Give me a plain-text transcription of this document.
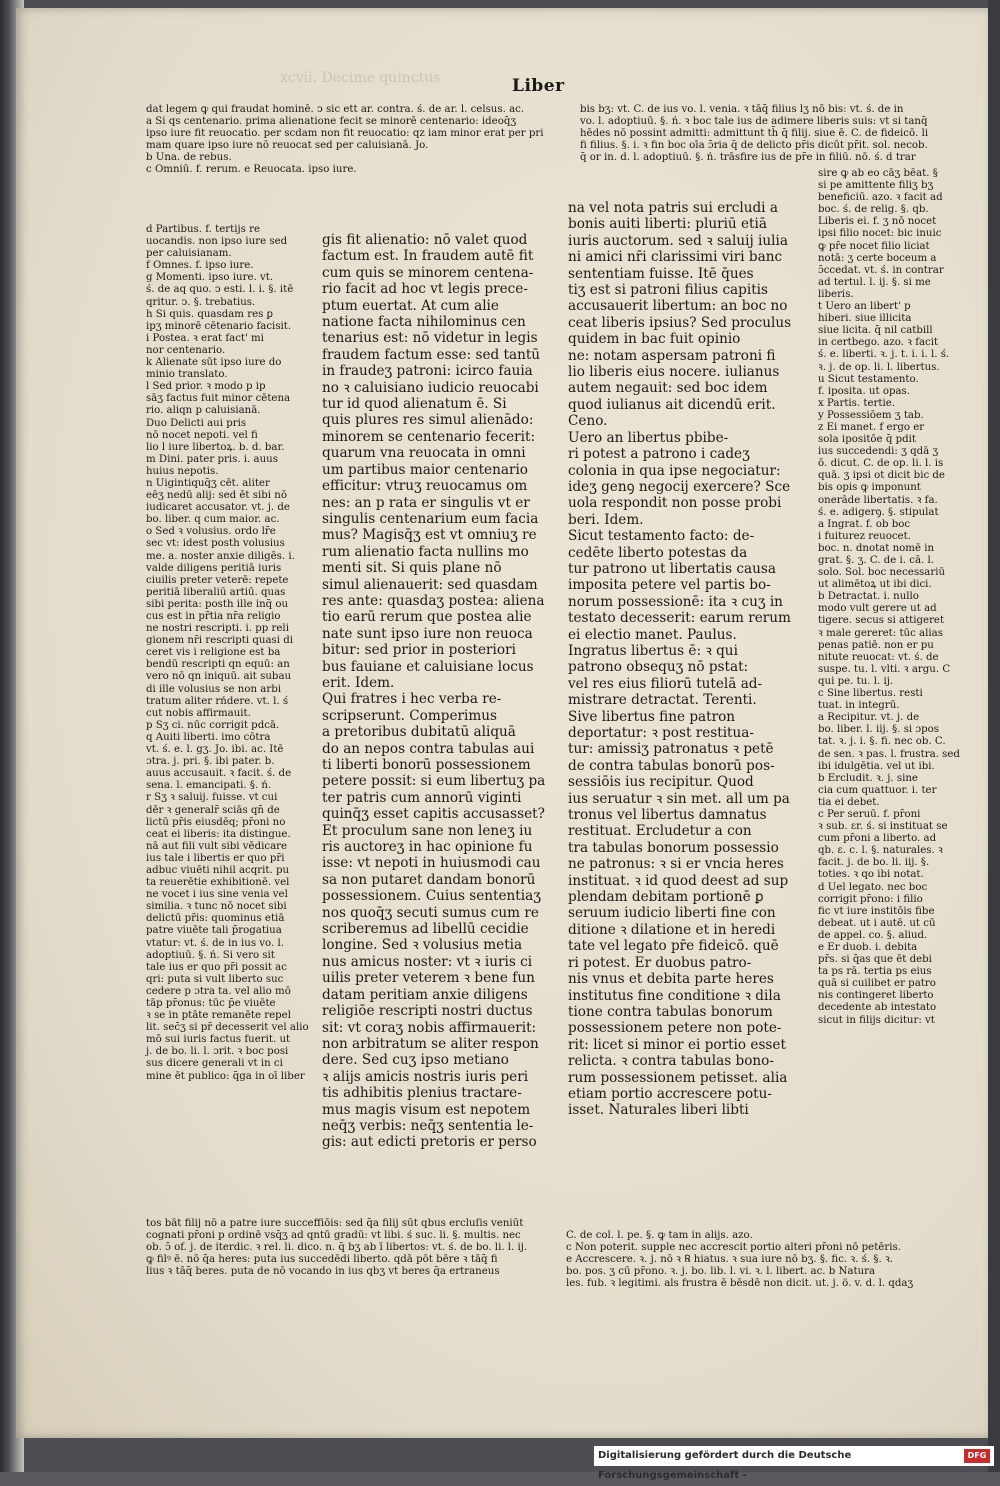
xcvii. Decime quinctus	Liber
dat legem ꝙ qui fraudat hominē. ↄ sic ett ar. contra. ś. de ar. l. celsus. ac.
a Si qs centenario. prima alienatione fecit se minorē centenario: ideoq̄ʒ
ipso iure fit reuocatio. per scdam non fit reuocatio: qz iam minor erat per pri
mam quare ipso iure nō reuocat sed per caluisianā. Jo.
b Una. de rebus.
c Omniū. f. rerum. e Reuocata. ipso iure.
d Partibus. f. tertijs re
uocandis. non ipso iure sed
per caluisianam.
f Omnes. f. ipso iure.
g Momenti. ipso iure. vt.
ś. de aq quo. ↄ esti. l. i. §. itē
qritur. ↄ. §. trebatius.
h Si quis. quasdam res ꝑ
ipʒ minorē cētenario facisit.
i Postea. ꝛ erat fact' mi
nor centenario.
k Alienate sūt ipso iure do
minio translato.
l Sed prior. ꝛ modo p ip
sāʒ factus fuit minor cētena
rio. aliqn p caluisianā.
Duo Delicti aui pris
nō nocet nepoti. vel fi
lio l iure libertoꝝ. b. d. bar.
m Dini. pater pris. i. auus
huius nepotis.
n Uigintiquq̄ʒ cēt. aliter
eēʒ nedū alij: sed ēt sibi nō
iudicaret accusator. vt. j. de
bo. liber. q cum maior. ac.
o Sed ꝛ volusius. ordo lr̄e
sec vt: idest posth volusius
me. a. noster anxie diligēs. i.
valde diligens peritiā iuris
ciuilis preter veterē: repete
peritiā liberaliū artiū. quas
sibi perita: posth ille inq̄ ou
cus est in pr̄tia nr̄a religio
ne nostri rescripti. i. pp reli
gionem nr̄i rescripti quasi di
ceret vis i religione est ba
bendū rescripti qn equū: an
vero nō qn iniquū. ait subau
di ille volusius se non arbi
tratum aliter rńdere. vt. l. ś
cut nobis affirmauit.
p Sʒ ci. nūc corrigit pdcā.
q Auiti liberti. imo cōtra
vt. ś. e. l. gʒ. Jo. ibi. ac. Itē
ɔtra. j. pri. §. ibi pater. b.
auus accusauit. ꝛ facit. ś. de
sena. l. emancipati. §. ń.
r Sʒ ꝛ saluij. fuisse. vt cui
dēr ꝛ generalr̄ sciās qn̄ de
lictū pr̄is eiusdēq; pr̄oni no
ceat ei liberis: ita distingue.
nā aut fili vult sibi vēdicare
ius tale i libertis er quo pr̄i
adbuc viuēti nihil acqrit. pu
ta reuerētie exhibitionē. vel
ne vocet i ius sine venia vel
similia. ꝛ tunc nō nocet sibi
delictū pr̄is: quominus etiā
patre viuēte tali p̄rogatiua
vtatur: vt. ś. de in ius vo. l.
adoptiuū. §. ń. Si vero sit
tale ius er quo pr̄i possit ac
qri: puta si vult liberto suc
cedere p ɔtra ta. vel alio mō
tāp pr̄onus: tūc p̄e viuēte
ꝛ se in ptāte remanēte repel
lit. sec̄ʒ si pr̄ decesserit vel alio
mō sui iuris factus fuerit. ut
j. de bo. li. l. ɔrit. ꝛ boc posi
sus dicere generali vt in ci
mine ēt publico: q̄ga in oī liber
gis fit alienatio: nō valet quod
factum est. In fraudem autē fit
cum quis se minorem centena-
rio facit ad hoc vt legis prece-
ptum euertat. At cum alie
natione facta nihilominus cen
tenarius est: nō videtur in legis
fraudem factum esse: sed tantū
in fraudeʒ patroni: icirco fauia
no ꝛ caluisiano iudicio reuocabi
tur id quod alienatum ē. Si
quis plures res simul alienādo:
minorem se centenario fecerit:
quarum vna reuocata in omni
um partibus maior centenario
efficitur: vtruʒ reuocamus om
nes: an p rata er singulis vt er
singulis centenarium eum facia
mus? Magisq̄ʒ est vt omniuʒ re
rum alienatio facta nullins mo
menti sit. Si quis plane nō
simul alienauerit: sed quasdam
res ante: quasdaʒ postea: aliena
tio earū rerum que postea alie
nate sunt ipso iure non reuoca
bitur: sed prior in posteriori
bus fauiane et caluisiane locus
erit. Idem.
Qui fratres i hec verba re-
scripserunt. Comperimus
a pretoribus dubitatū aliquā
do an nepos contra tabulas aui
ti liberti bonorū possessionem
petere possit: si eum libertuʒ pa
ter patris cum annorū viginti
quinq̄ʒ esset capitis accusasset?
Et proculum sane non leneʒ iu
ris auctoreʒ in hac opinione fu
isse: vt nepoti in huiusmodi cau
sa non putaret dandam bonorū
possessionem. Cuius sententiaʒ
nos quoq̄ʒ secuti sumus cum re
scriberemus ad libellū cecidie
longine. Sed ꝛ volusius metia
nus amicus noster: vt ꝛ iuris ci
uilis preter veterem ꝛ bene fun
datam peritiam anxie diligens
religiōe rescripti nostri ductus
sit: vt coraʒ nobis affirmauerit:
non arbitratum se aliter respon
dere. Sed cuʒ ipso metiano
ꝛ alijs amicis nostris iuris peri
tis adhibitis plenius tractare-
mus magis visum est nepotem
neq̄ʒ verbis: neq̄ʒ sententia le-
gis: aut edicti pretoris er perso
bis bʒ: vt. C. de ius vo. l. venia. ꝛ tāq̄ filius lʒ nō bis: vt. ś. de in
vo. l. adoptiuū. §. ń. ꝛ boc tale ius de adimere liberis suis: vt si tanq̄
hēdes nō possint admitti: admittunt th̄ q̄ filij. siue ē. C. de fideicō. li
fi filius. §. i. ꝛ fin boc oīa ɔ̄ria q̄ de delicto pr̄is dicūt pr̄it. sol. necob.
q̄ or in. d. l. adoptiuū. §. ń. trāsfire ius de pr̄e in filiū. nō. ś. d trar
sire ꝙ ab eo cāʒ bēat. §
si pe amittente filiʒ bʒ
beneficiū. azo. ꝛ facit ad
boc. ś. de relig. §. qb.
Liberis ei. f. ʒ nō nocet
ipsi filio nocet: bic inuic
ꝙ pr̄e nocet filio liciat
notā: ʒ certe boceum a
ɔ̄ccedat. vt. ś. in contrar
ad tertul. l. ij. §. si me
liberis.
t Uero an libert' p
hiberi. siue illicita
siue licita. q̄ nil catbill
in certbego. azo. ꝛ facit
ś. e. liberti. ꝛ. j. t. i. i. l. ś.
ꝛ. j. de op. li. l. libertus.
u Sicut testamento.
f. iposita. ut opas.
x Partis. tertie.
y Possessiōem ʒ tab.
z Ei manet. f ergo er
sola ipositōe q̄ pdit
ius succedendi: ʒ qdā ʒ
ō. dicut. C. de op. li. l. is
quā. ʒ ipsi ot dicit bic de
bis opis ꝙ imponunt
onerāde libertatis. ꝛ fa.
ś. e. adigerꝯ. §. stipulat
a Ingrat. f. ob boc
i fuiturez reuocet.
boc. n. dnotat nomē in
grat. §. ʒ. C. de i. cā. l.
solo. Sol. boc necessariū
ut alimētoꝝ ut ibi dici.
b Detractat. i. nullo
modo vult gerere ut ad
tigere. secus si attigeret
ꝛ male gereret: tūc alias
penas patiē. non er pu
nitute reuocat: vt. ś. de
suspe. tu. l. vlti. ꝛ argu. C
qui pe. tu. l. ij.
c Sine libertus. resti
tuat. in integrū.
a Recipitur. vt. j. de
bo. liber. l. iij. §. si ɔpos
tat. ꝛ. j. i. §. fi. nec ob. C.
de sen. ꝛ pas. l. frustra. sed
ibi idulgētia. vel ut ibi.
b Ercludit. ꝛ. j. sine
cia cum quattuor. i. ter
tia ei debet.
c Per seruū. f. pr̄oni
ꝛ sub. ɛr. ś. si instituat se
cum pr̄oni a liberto. ad
qb. ɛ. c. l. §. naturales. ꝛ
facit. j. de bo. li. iij. §.
toties. ꝛ qo ibi notat.
d Uel legato. nec boc
corrigit pr̄ono: i filio
fic vt iure institōis fibe
debeat. ut i autē. ut cū
de appel. co. §. aliud.
e Er duob. i. debita
pr̄s. si q̄as que ēt debi
ta ps rā. tertia ps eius
quā si cuilibet er patro
nis contingeret liberto
decedente ab intestato
sicut in filijs dicitur: vt
na vel nota patris sui ercludi a
bonis auiti liberti: pluriū etiā
iuris auctorum. sed ꝛ saluij iulia
ni amici nr̄i clarissimi viri banc
sententiam fuisse. Itē q̄ues
tiʒ est si patroni filius capitis
accusauerit libertum: an boc no
ceat liberis ipsius? Sed proculus
quidem in bac fuit opinio
ne: notam aspersam patroni fi
lio liberis eius nocere. iulianus
autem negauit: sed boc idem
quod iulianus ait dicendū erit.
Ceno.
Uero an libertus pbibe-
ri potest a patrono i cadeʒ
colonia in qua ipse negociatur:
ideʒ genꝯ negocij exercere? Sce
uola respondit non posse probi
beri. Idem.
Sicut testamento facto: de-
cedēte liberto potestas da
tur patrono ut libertatis causa
imposita petere vel partis bo-
norum possessionē: ita ꝛ cuʒ in
testato decesserit: earum rerum
ei electio manet. Paulus.
Ingratus libertus ē: ꝛ qui
patrono obsequʒ nō pstat:
vel res eius filiorū tutelā ad-
mistrare detractat. Terenti.
Sive libertus fine patron
deportatur: ꝛ post restitua-
tur: amissiʒ patronatus ꝛ petē
de contra tabulas bonorū pos-
sessiōis ius recipitur. Quod
ius seruatur ꝛ sin met. all um pa
tronus vel libertus damnatus
restituat. Ercludetur a con
tra tabulas bonorum possessio
ne patronus: ꝛ si er vncia heres
instituat. ꝛ id quod deest ad sup
plendam debitam portionē ꝑ
seruum iudicio liberti fine con
ditione ꝛ dilatione et in heredi
tate vel legato pr̄e fideicō. quē
ri potest. Er duobus patro-
nis vnus et debita parte heres
institutus fine conditione ꝛ dila
tione contra tabulas bonorum
possessionem petere non pote-
rit: licet si minor ei portio esset
relicta. ꝛ contra tabulas bono-
rum possessionem petisset. alia
etiam portio accrescere potu-
isset. Naturales liberi libti
tos bāt filij nō a patre iure succeffiōis: sed q̄a filij sūt qbus ercluſis veniūt
cognati pr̄oni p ordinē vsq̄ʒ ad qntū gradū: vt libi. ś suc. li. §. multis. nec
ob. ɔ̄ of. j. de iterdic. ꝛ rel. li. dico. n. q̄ bʒ ab ī libertos: vt. ś. de bo. li. l. ij.
ꝙ filꝰ ē. nō q̄a heres: puta ius succedēdi liberto. qdā pōt bēre ꝛ tāq̄ fi
lius ꝛ tāq̄ beres. puta de nō vocando in ius qbʒ vt beres q̄a ertraneus
C. de col. l. pe. §. ꝙ tam in alijs. azo.
c Non poterit. supple nec accrescit portio alteri pr̄oni nō petēris.
e Accrescere. ꝛ. j. nō ꝛ ℞ hiatus. ꝛ sua iure nō bʒ. §. fic. ꝛ. ś. §. ꝛ.
bo. pos. ʒ cū pr̄ono. ꝛ. j. bo. lib. l. vi. ꝛ. l. libert. ac. b Natura
les. fub. ꝛ legitimi. als frustra ē bēsdē non dicit. ut. j. ö. v. d. l. qdaʒ
Digitalisierung gefördert durch die Deutsche Forschungsgemeinschaft -
DFG
